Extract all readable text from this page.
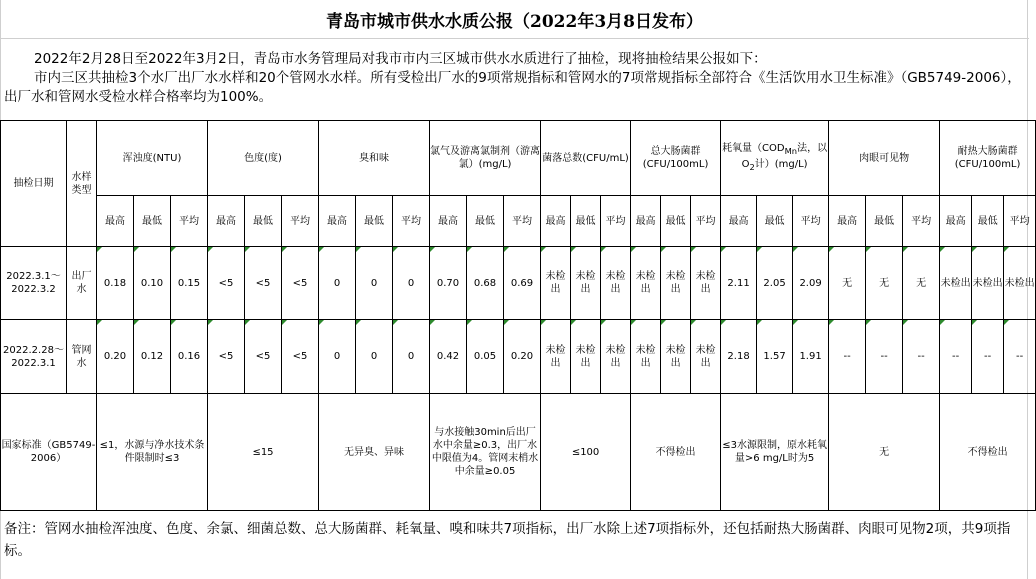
青岛市城市供水水质公报（2022年3月8日发布）

2022年2月28日至2022年3月2日，青岛市水务管理局对我市市内三区城市供水水质进行了抽检，现将抽检结果公报如下：

市内三区共抽检3个水厂出厂水水样和20个管网水水样。所有受检出厂水的9项常规指标和管网水的7项常规指标全部符合《生活饮用水卫生标准》（GB5749-2006），出厂水和管网水受检水样合格率均为100%。

抽检日期	水样类型	浑浊度(NTU)			色度(度)			臭和味			氯气及游离氯制剂（游离氯）(mg/L)			菌落总数(CFU/mL)			总大肠菌群(CFU/100mL)			耗氧量（$COD_{Mn}$法，以$O_2$计）(mg/L)			肉眼可见物			耐热大肠菌群(CFU/100mL)		
		最高	最低	平均	最高	最低	平均	最高	最低	平均	最高	最低	平均	最高	最低	平均	最高	最低	平均	最高	最低	平均	最高	最低	平均	最高	最低	平均
2022.3.1～2022.3.2	出厂水	0.18	0.10	0.15	<5	<5	<5	0	0	0	0.70	0.68	0.69	未检出	未检出	未检出	未检出	未检出	未检出	2.11	2.05	2.09	无	无	无	未检出	未检出	未检出

2022.2.28～2022.3.1	管网水	0.20	0.12	0.16	<5	<5	<5	0	0	0	0.42	0.05	0.20	未检出	未检出	未检出	未检出	未检出	未检出	2.18	1.57	1.91	--	--	--	--	--	--

国家标准（GB5749-2006）		≤1，水源与净水技术条件限制时≤3			≤15			无异臭、异味			与水接触30min后出厂水中余量≥0.3，出厂水中限值为4。管网末梢水中余量≥0.05			≤100			不得检出			≤3水源限制，原水耗氧量>6 mg/L时为5			无			不得检出		
备注：管网水抽检浑浊度、色度、余氯、细菌总数、总大肠菌群、耗氧量、嗅和味共7项指标，出厂水除上述7项指标外，还包括耐热大肠菌群、肉眼可见物2项，共9项指标。
